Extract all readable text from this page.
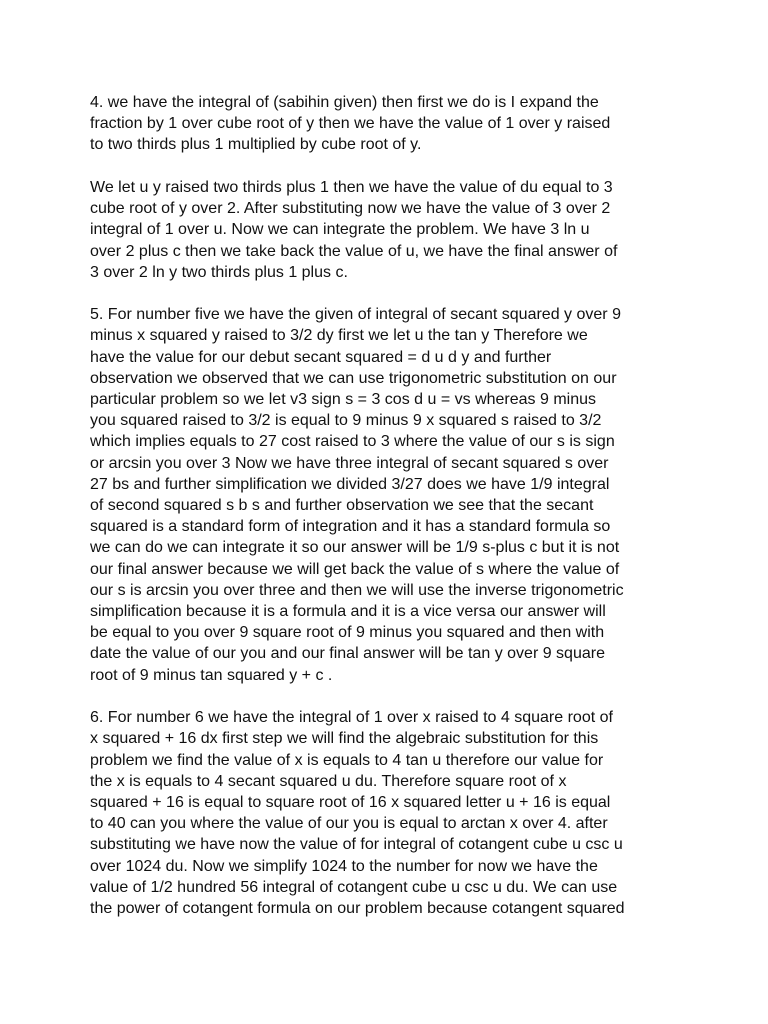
4. we have the integral of (sabihin given) then first we do is I expand the
fraction by 1 over cube root of y then we have the value of 1 over y raised
to two thirds plus 1 multiplied by cube root of y.

We let u y raised two thirds plus 1 then we have the value of du equal to 3
cube root of y over 2. After substituting now we have the value of 3 over 2
integral of 1 over u. Now we can integrate the problem. We have 3 ln u
over 2 plus c then we take back the value of u, we have the final answer of
3 over 2 ln y two thirds plus 1 plus c.

5. For number five we have the given of integral of secant squared y over 9
minus x squared y raised to 3/2 dy first we let u the tan y Therefore we
have the value for our debut secant squared = d u d y and further
observation we observed that we can use trigonometric substitution on our
particular problem so we let v3 sign s = 3 cos d u = vs whereas 9 minus
you squared raised to 3/2 is equal to 9 minus 9 x squared s raised to 3/2
which implies equals to 27 cost raised to 3 where the value of our s is sign
or arcsin you over 3 Now we have three integral of secant squared s over
27 bs and further simplification we divided 3/27 does we have 1/9 integral
of second squared s b s and further observation we see that the secant
squared is a standard form of integration and it has a standard formula so
we can do we can integrate it so our answer will be 1/9 s-plus c but it is not
our final answer because we will get back the value of s where the value of
our s is arcsin you over three and then we will use the inverse trigonometric
simplification because it is a formula and it is a vice versa our answer will
be equal to you over 9 square root of 9 minus you squared and then with
date the value of our you and our final answer will be tan y over 9 square
root of 9 minus tan squared y + c .

6. For number 6 we have the integral of 1 over x raised to 4 square root of
x squared + 16 dx first step we will find the algebraic substitution for this
problem we find the value of x is equals to 4 tan u therefore our value for
the x is equals to 4 secant squared u du. Therefore square root of x
squared + 16 is equal to square root of 16 x squared letter u + 16 is equal
to 40 can you where the value of our you is equal to arctan x over 4. after
substituting we have now the value of for integral of cotangent cube u csc u
over 1024 du. Now we simplify 1024 to the number for now we have the
value of 1/2 hundred 56 integral of cotangent cube u csc u du. We can use
the power of cotangent formula on our problem because cotangent squared
